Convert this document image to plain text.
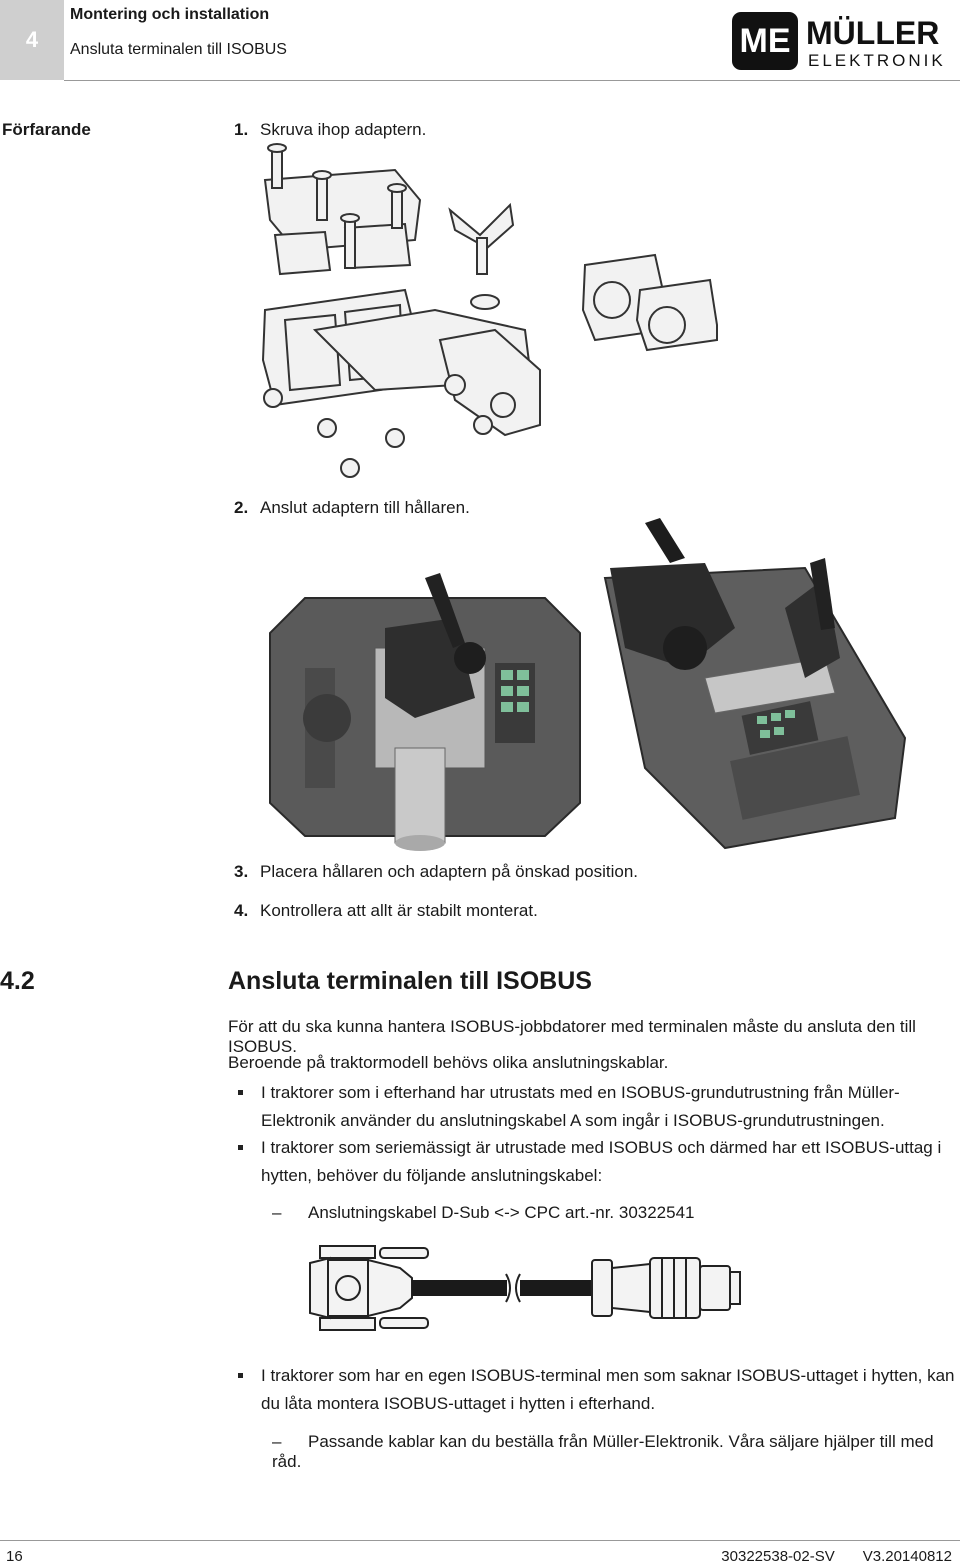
4
Montering och installation
Ansluta terminalen till ISOBUS	ME MÜLLER
ELEKTRONIK
Förfarande	1. Skruva ihop adaptern.
2. Anslut adaptern till hållaren.
3. Placera hållaren och adaptern på önskad position.
4. Kontrollera att allt är stabilt monterat.
4.2	Ansluta terminalen till ISOBUS
För att du ska kunna hantera ISOBUS-jobbdatorer med terminalen måste du ansluta den till ISOBUS.
Beroende på traktormodell behövs olika anslutningskablar.
I traktorer som i efterhand har utrustats med en ISOBUS-grundutrustning från Müller-Elektronik använder du anslutningskabel A som ingår i ISOBUS-grundutrustningen.
I traktorer som seriemässigt är utrustade med ISOBUS och därmed har ett ISOBUS-uttag i hytten, behöver du följande anslutningskabel:
– Anslutningskabel D-Sub <-> CPC art.-nr. 30322541
I traktorer som har en egen ISOBUS-terminal men som saknar ISOBUS-uttaget i hytten, kan du låta montera ISOBUS-uttaget i hytten i efterhand.
– Passande kablar kan du beställa från Müller-Elektronik. Våra säljare hjälper till med råd.
16	30322538-02-SV V3.20140812
